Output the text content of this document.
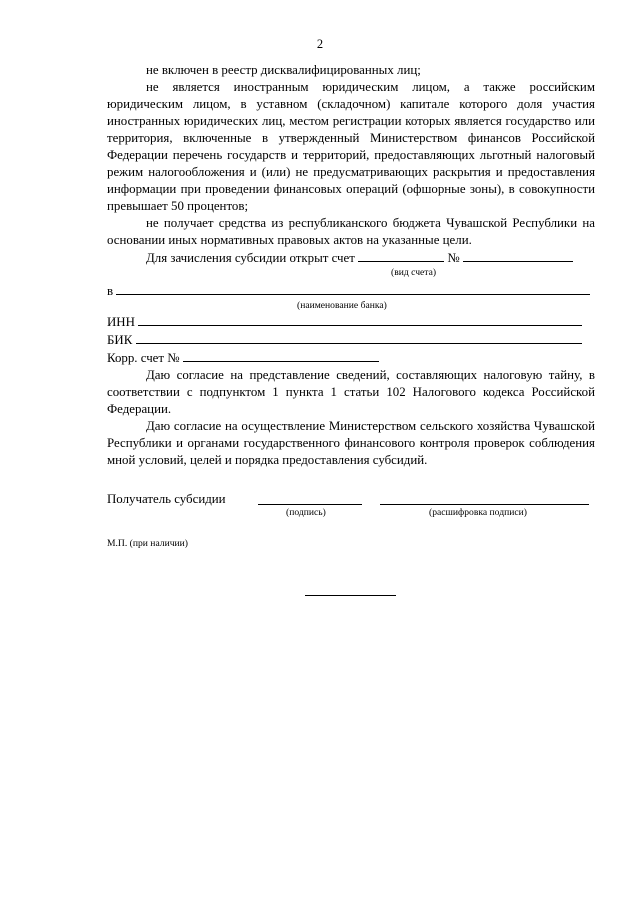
2

не включен в реестр дисквалифицированных лиц;

не является иностранным юридическим лицом, а также российским юридическим лицом, в уставном (складочном) капитале которого доля участия иностранных юридических лиц, местом регистрации которых является государство или территория, включенные в утвержденный Министерством финансов Российской Федерации перечень государств и территорий, предоставляющих льготный налоговый режим налогообложения и (или) не предусматривающих раскрытия и предоставления информации при проведении финансовых операций (офшорные зоны), в совокупности превышает 50 процентов;

не получает средства из республиканского бюджета Чувашской Республики на основании иных нормативных правовых актов на указанные цели.

Для зачисления субсидии открыт счет	№

(вид счета)
в
(наименование банка)
ИНН
БИК
Корр. счет №

Даю согласие на представление сведений, составляющих налоговую тайну, в соответствии с подпунктом 1 пункта 1 статьи 102 Налогового кодекса Российской Федерации.

Даю согласие на осуществление Министерством сельского хозяйства Чувашской Республики и органами государственного финансового контроля проверок соблюдения мной условий, целей и порядка предоставления субсидий.

Получатель субсидии
(подпись)	(расшифровка подписи)
М.П. (при наличии)
